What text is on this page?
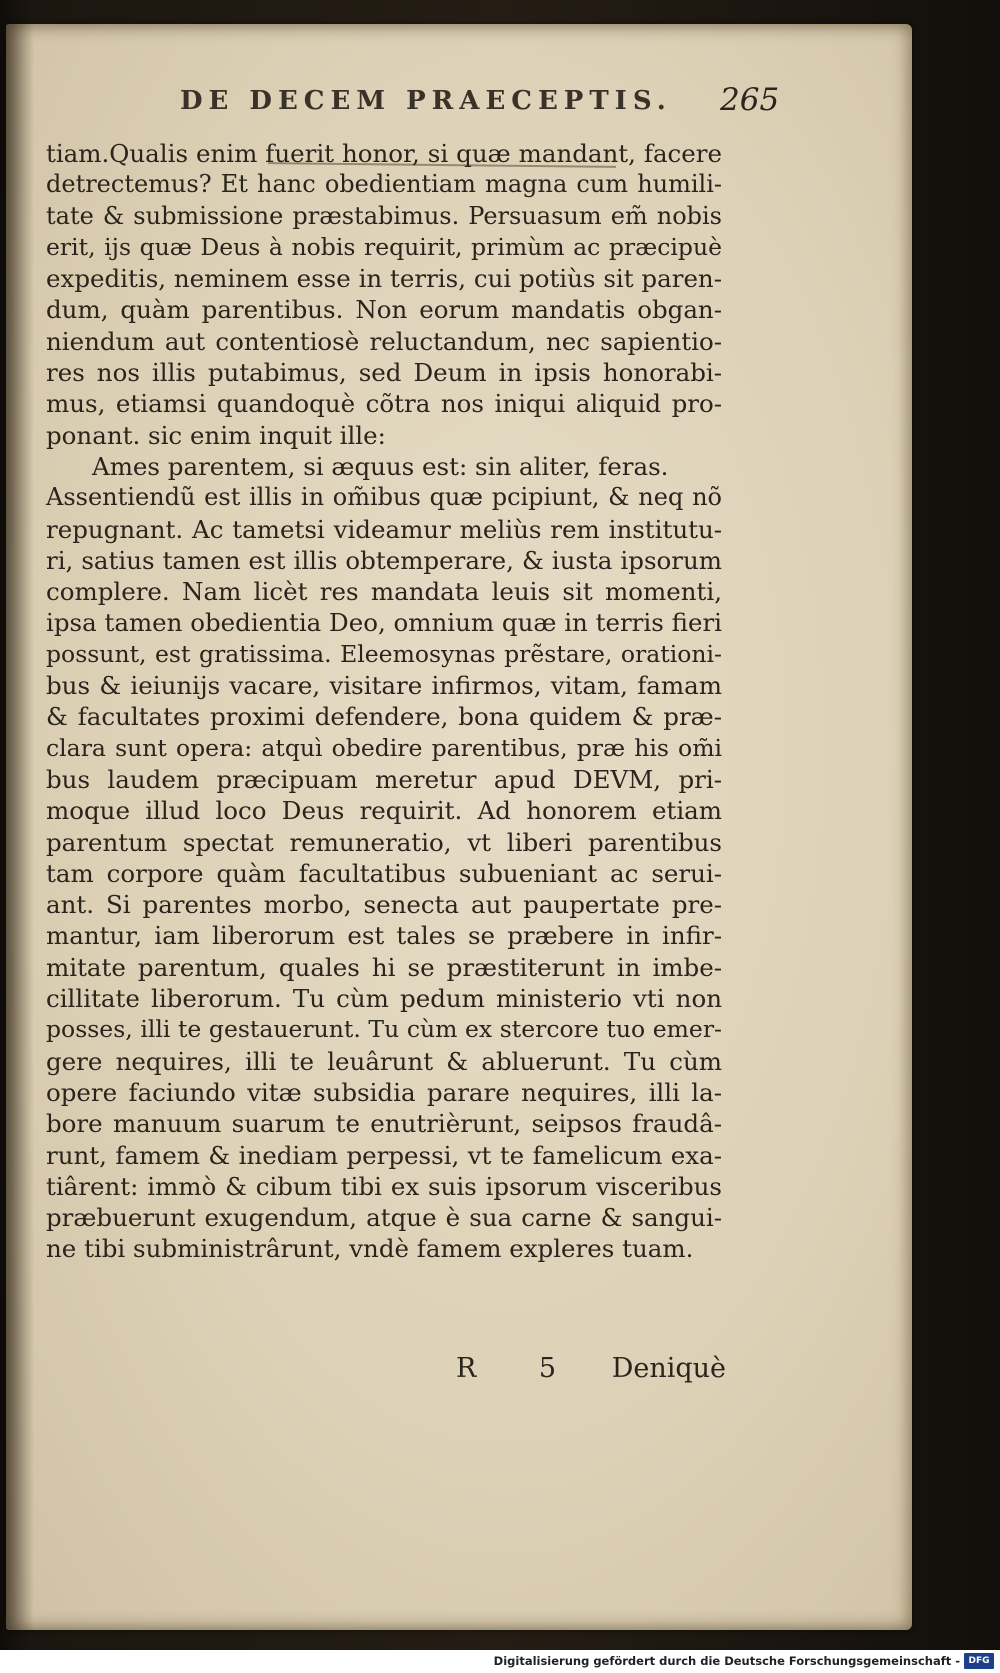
DE DECEM PRAECEPTIS.	265
tiam.Qualis enim fuerit honor, si quæ mandant, facere
detrectemus? Et hanc obedientiam magna cum humili-
tate & submissione præstabimus. Persuasum em̃ nobis
erit, ijs quæ Deus à nobis requirit, primùm ac præcipuè
expeditis, neminem esse in terris, cui potiùs sit paren-
dum, quàm parentibus. Non eorum mandatis obgan-
niendum aut contentiosè reluctandum, nec sapientio-
res nos illis putabimus, sed Deum in ipsis honorabi-
mus, etiamsi quandoquè cõtra nos iniqui aliquid pro-
ponant. sic enim inquit ille:
Ames parentem, si æquus est: sin aliter, feras.
Assentiendũ est illis in om̃ibus quæ pcipiunt, & neq nõ
repugnant. Ac tametsi videamur meliùs rem institutu-
ri, satius tamen est illis obtemperare, & iusta ipsorum
complere. Nam licèt res mandata leuis sit momenti,
ipsa tamen obedientia Deo, omnium quæ in terris fieri
possunt, est gratissima. Eleemosynas prẽstare, orationi-
bus & ieiunijs vacare, visitare infirmos, vitam, famam
& facultates proximi defendere, bona quidem & præ-
clara sunt opera: atquì obedire parentibus, præ his om̃i
bus laudem præcipuam meretur apud DEVM, pri-
moque illud loco Deus requirit. Ad honorem etiam
parentum spectat remuneratio, vt liberi parentibus
tam corpore quàm facultatibus subueniant ac serui-
ant. Si parentes morbo, senecta aut paupertate pre-
mantur, iam liberorum est tales se præbere in infir-
mitate parentum, quales hi se præstiterunt in imbe-
cillitate liberorum. Tu cùm pedum ministerio vti non
posses, illi te gestauerunt. Tu cùm ex stercore tuo emer-
gere nequires, illi te leuârunt & abluerunt. Tu cùm
opere faciundo vitæ subsidia parare nequires, illi la-
bore manuum suarum te enutrièrunt, seipsos fraudâ-
runt, famem & inediam perpessi, vt te famelicum exa-
tiârent: immò & cibum tibi ex suis ipsorum visceribus
præbuerunt exugendum, atque è sua carne & sangui-
ne tibi subministrârunt, vndè famem expleres tuam.
R	5	Deniquè
Digitalisierung gefördert durch die Deutsche Forschungsgemeinschaft - DFG
